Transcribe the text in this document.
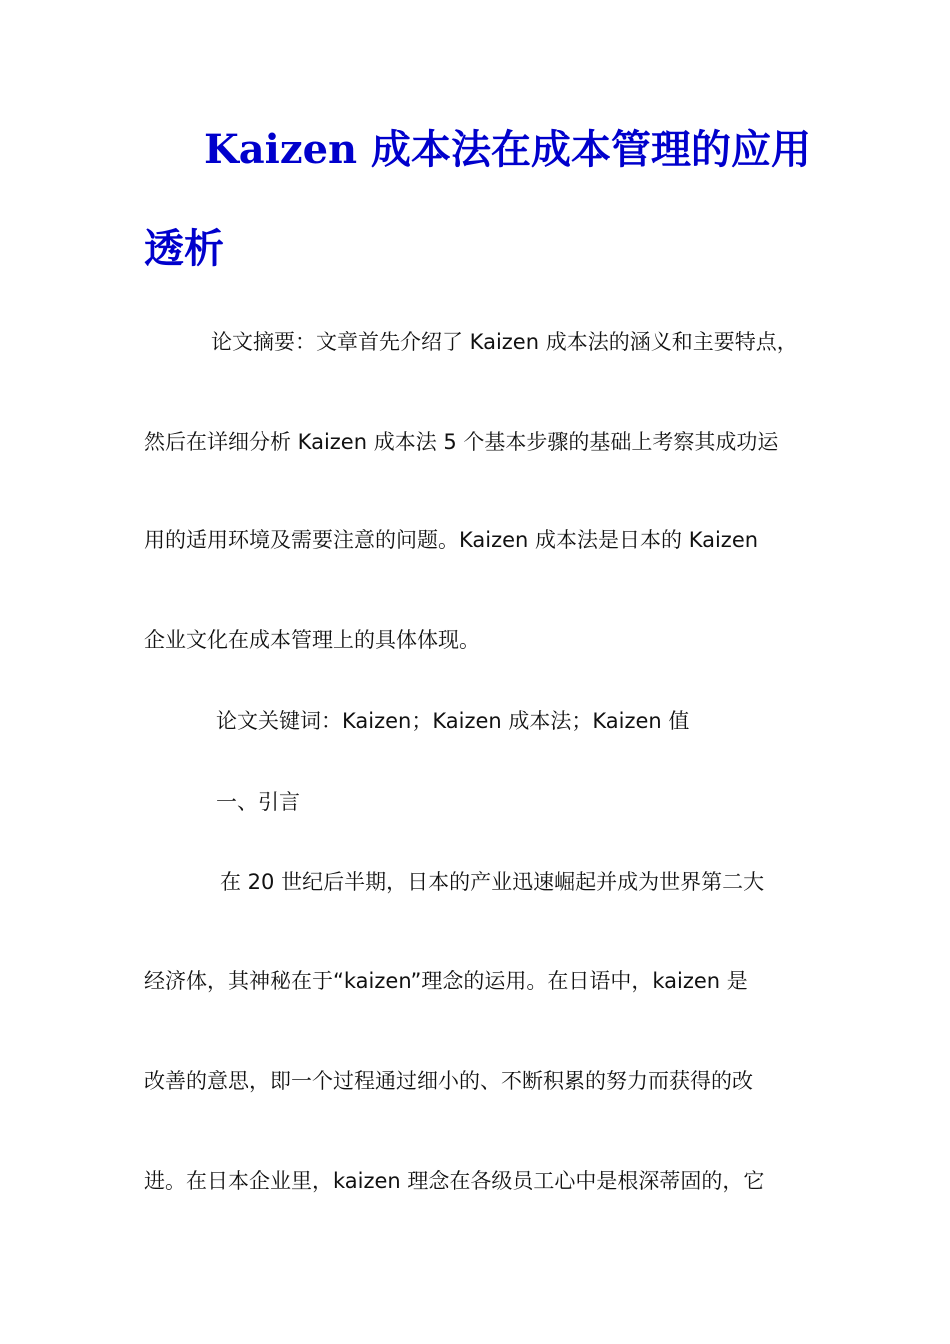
Kaizen 成本法在成本管理的应用
透析
论文摘要：文章首先介绍了 Kaizen 成本法的涵义和主要特点，
然后在详细分析 Kaizen 成本法 5 个基本步骤的基础上考察其成功运
用的适用环境及需要注意的问题。Kaizen 成本法是日本的 Kaizen
企业文化在成本管理上的具体体现。
论文关键词：Kaizen；Kaizen 成本法；Kaizen 值
一、引言
在 20 世纪后半期，日本的产业迅速崛起并成为世界第二大
经济体，其神秘在于“kaizen”理念的运用。在日语中，kaizen 是
改善的意思，即一个过程通过细小的、不断积累的努力而获得的改
进。在日本企业里，kaizen 理念在各级员工心中是根深蒂固的，它
